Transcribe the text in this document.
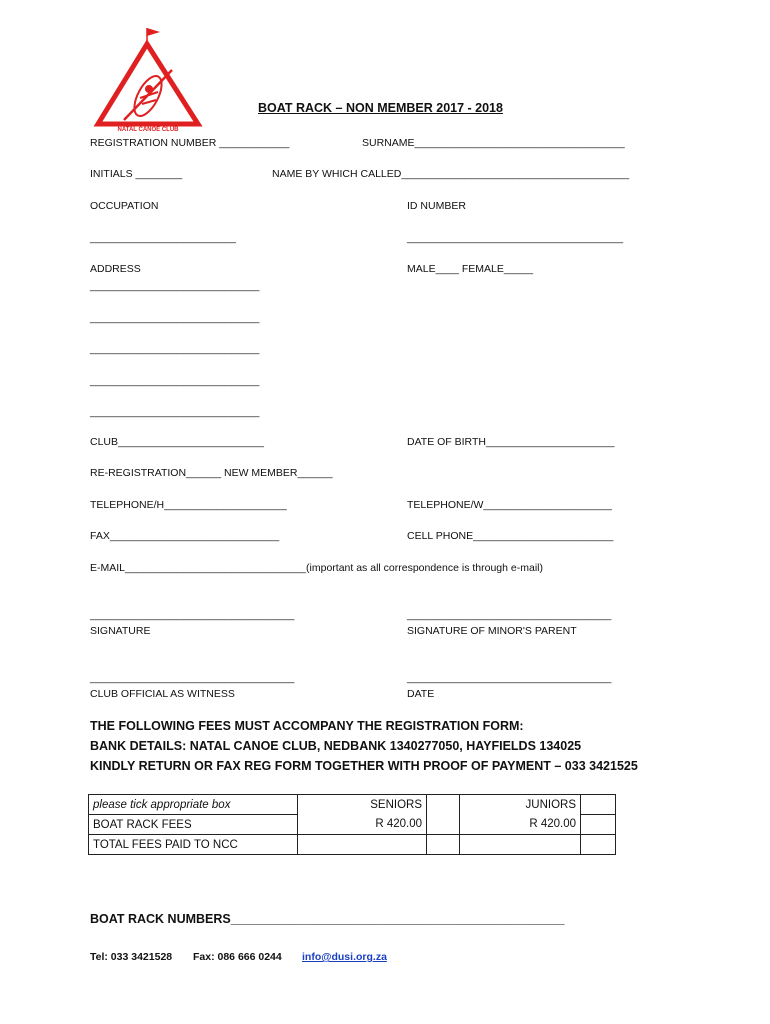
NATAL CANOE CLUB
BOAT RACK – NON MEMBER 2017 - 2018
REGISTRATION NUMBER ____________	SURNAME____________________________________
INITIALS ________	NAME BY WHICH CALLED_______________________________________
OCCUPATION	ID NUMBER
_________________________	_____________________________________
ADDRESS	MALE____ FEMALE_____
_____________________________
_____________________________
_____________________________
_____________________________
_____________________________
CLUB_________________________	DATE OF BIRTH______________________
RE-REGISTRATION______ NEW MEMBER______
TELEPHONE/H_____________________	TELEPHONE/W______________________
FAX_____________________________	CELL PHONE________________________
E-MAIL_______________________________(important as all correspondence is through e-mail)
___________________________________	___________________________________
SIGNATURE	SIGNATURE OF MINOR'S PARENT
___________________________________	___________________________________
CLUB OFFICIAL AS WITNESS	DATE
THE FOLLOWING FEES MUST ACCOMPANY THE REGISTRATION FORM:
BANK DETAILS: NATAL CANOE CLUB, NEDBANK 1340277050, HAYFIELDS 134025
KINDLY RETURN OR FAX REG FORM TOGETHER WITH PROOF OF PAYMENT – 033 3421525
please tick appropriate box	SENIORS		JUNIORS	
BOAT RACK FEES	R 420.00		R 420.00	
TOTAL FEES PAID TO NCC				
BOAT RACK NUMBERS________________________________________________
Tel: 033 3421528 Fax: 086 666 0244 info@dusi.org.za
